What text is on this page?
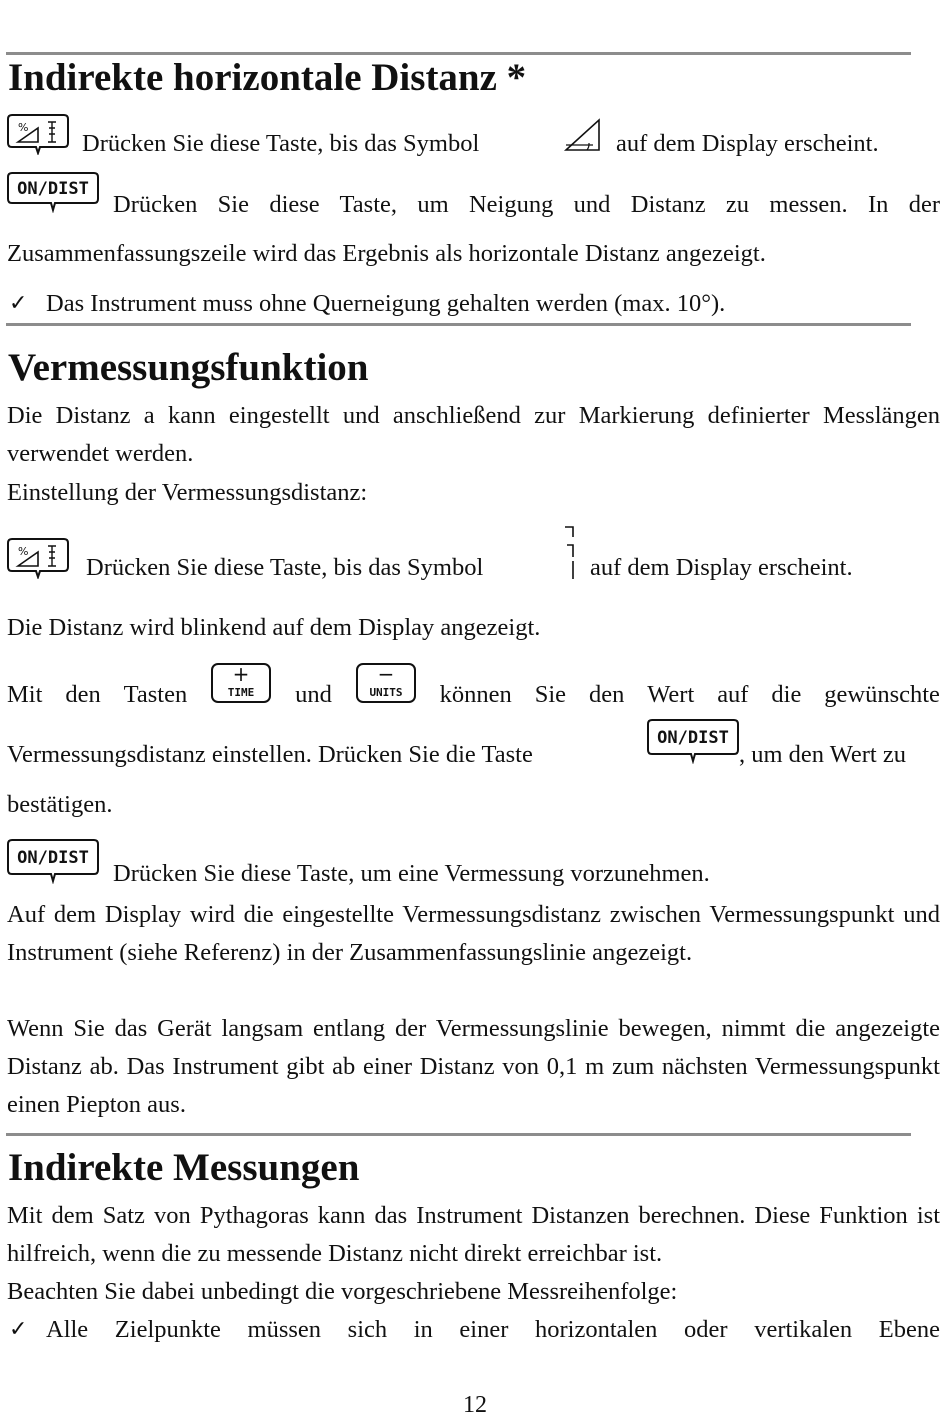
Indirekte horizontale Distanz *
%
Drücken Sie diese Taste, bis das Symbol	auf dem Display erscheint.
ON/DIST
Drücken Sie diese Taste, um Neigung und Distanz zu messen. In der
Zusammenfassungszeile wird das Ergebnis als horizontale Distanz angezeigt.
✓ Das Instrument muss ohne Querneigung gehalten werden (max. 10°).
Vermessungsfunktion

Die Distanz a kann eingestellt und anschließend zur Markierung definierter Messlängen verwendet werden.

Einstellung der Vermessungsdistanz:
%
Drücken Sie diese Taste, bis das Symbol	auf dem Display erscheint.
Die Distanz wird blinkend auf dem Display angezeigt.
Mit den Tasten
+
TIME und
−
UNITS können Sie den Wert auf die gewünschte
Vermessungsdistanz einstellen. Drücken Sie die Taste
ON/DIST
, um den Wert zu
bestätigen.
ON/DIST
Drücken Sie diese Taste, um eine Vermessung vorzunehmen.

Auf dem Display wird die eingestellte Vermessungsdistanz zwischen Vermessungspunkt und Instrument (siehe Referenz) in der Zusammenfassungslinie angezeigt.

Wenn Sie das Gerät langsam entlang der Vermessungslinie bewegen, nimmt die angezeigte Distanz ab. Das Instrument gibt ab einer Distanz von 0,1 m zum nächsten Vermessungspunkt einen Piepton aus.

Indirekte Messungen

Mit dem Satz von Pythagoras kann das Instrument Distanzen berechnen. Diese Funktion ist hilfreich, wenn die zu messende Distanz nicht direkt erreichbar ist.

Beachten Sie dabei unbedingt die vorgeschriebene Messreihenfolge:
✓ Alle Zielpunkte müssen sich in einer horizontalen oder vertikalen Ebene
12
